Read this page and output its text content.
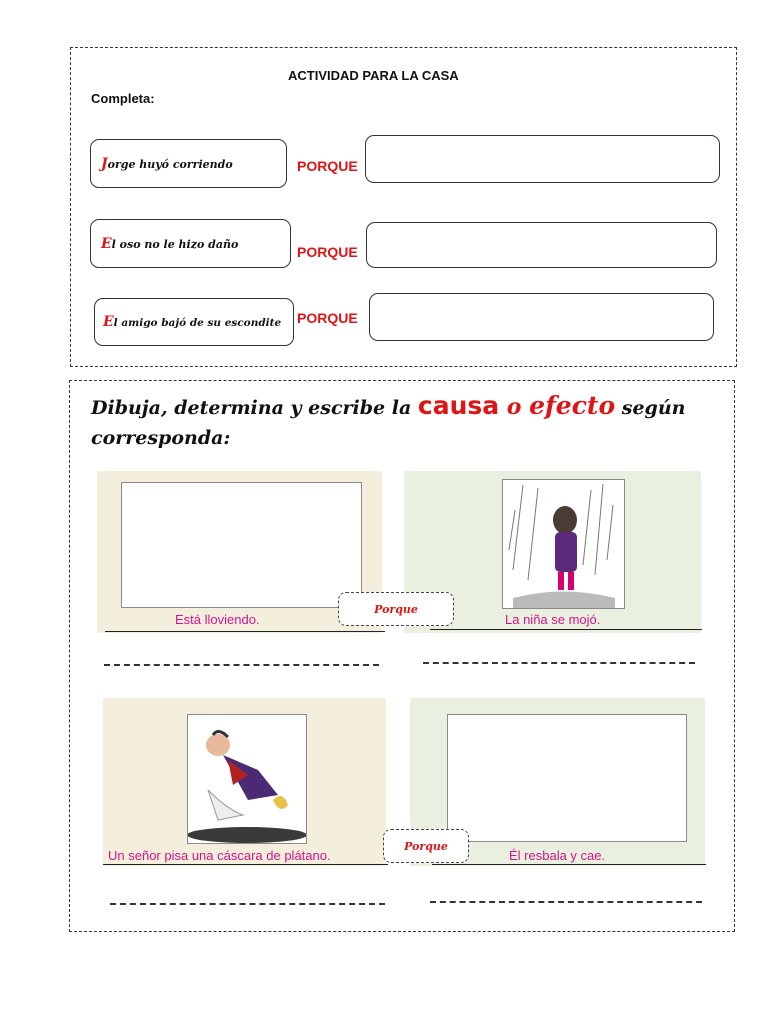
ACTIVIDAD PARA LA CASA
Completa:
Jorge huyó corriendo	PORQUE
El oso no le hizo daño	PORQUE
El amigo bajó de su escondite PORQUE
Dibuja, determina y escribe la causa o efecto según
corresponda:
Está lloviendo.	La niña se mojó.
Porque
Un señor pisa una cáscara de plátano.	Él resbala y cae.
Porque
